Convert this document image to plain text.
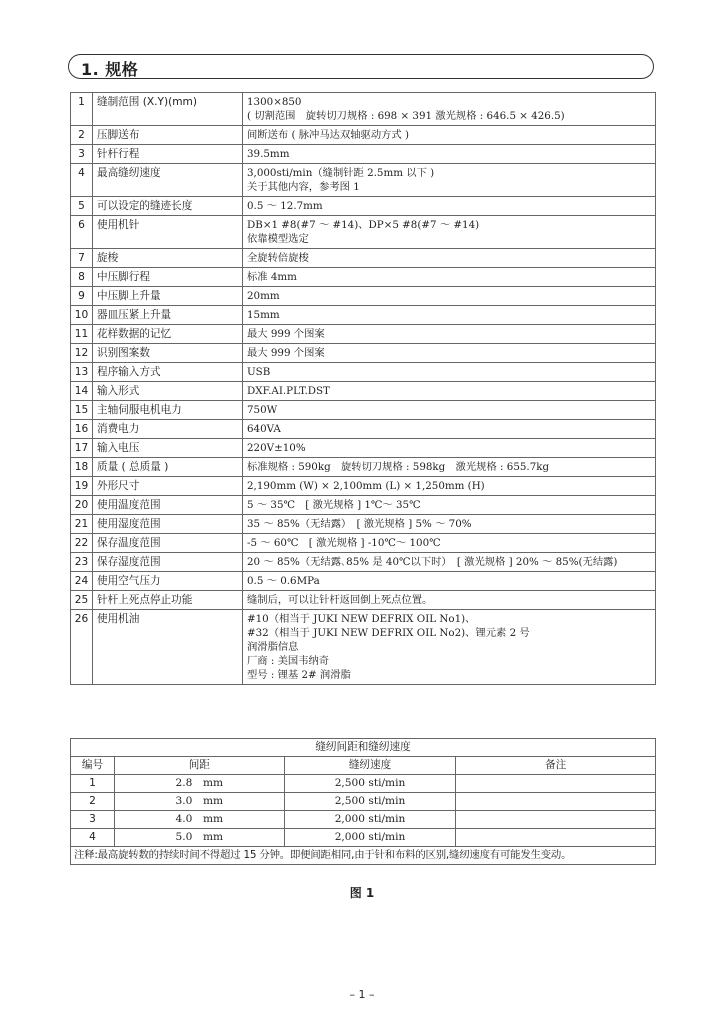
1. 规格
1	缝制范围 (X.Y)(mm)	1300×850
( 切割范围　旋转切刀规格 : 698 × 391 激光规格 : 646.5 × 426.5)

2	压脚送布	间断送布 ( 脉冲马达双轴驱动方式 )

3	针杆行程	39.5mm

4	最高缝纫速度	3,000sti/min（缝制针距 2.5mm 以下 )
关于其他内容，参考图 1

5	可以设定的缝迹长度	0.5 ～ 12.7mm

6	使用机针	DB×1 #8(#7 ～ #14)、DP×5 #8(#7 ～ #14)
依靠模型选定

7	旋梭	全旋转倍旋梭

8	中压脚行程	标准 4mm

9	中压脚上升量	20mm

10	器皿压紧上升量	15mm

11	花样数据的记忆	最大 999 个图案

12	识别图案数	最大 999 个图案

13	程序输入方式	USB

14	输入形式	DXF.AI.PLT.DST

15	主轴伺服电机电力	750W

16	消费电力	640VA

17	输入电压	220V±10%

18	质量 ( 总质量 )	标准规格 : 590kg　旋转切刀规格 : 598kg　激光规格 : 655.7kg

19	外形尺寸	2,190mm (W) × 2,100mm (L) × 1,250mm (H)

20	使用温度范围	5 ～ 35℃　[ 激光规格 ] 1℃～ 35℃

21	使用湿度范围	35 ～ 85%（无结露）　[ 激光规格 ] 5% ～ 70%

22	保存温度范围	-5 ～ 60℃　[ 激光规格 ] -10℃～ 100℃

23	保存湿度范围	20 ～ 85%（无结露､85% 是 40℃以下时）　[ 激光规格 ] 20% ～ 85%(无结露)

24	使用空气压力	0.5 ～ 0.6MPa

25	针杆上死点停止功能	缝制后，可以让针杆返回倒上死点位置。

26	使用机油	#10（相当于 JUKI NEW DEFRIX OIL No1)、
#32（相当于 JUKI NEW DEFRIX OIL No2)、锂元素 2 号
润滑脂信息
厂商 : 美国韦纳奇
型号 : 锂基 2# 润滑脂
缝纫间距和缝纫速度			
编号	间距	缝纫速度	备注
1	2.8　mm	2,500 sti/min	
2	3.0　mm	2,500 sti/min	
3	4.0　mm	2,000 sti/min	
4	5.0　mm	2,000 sti/min	
注释:最高旋转数的持续时间不得超过 15 分钟。即便间距相同,由于针和布料的区别,缝纫速度有可能发生变动。			
图 1
– 1 –
